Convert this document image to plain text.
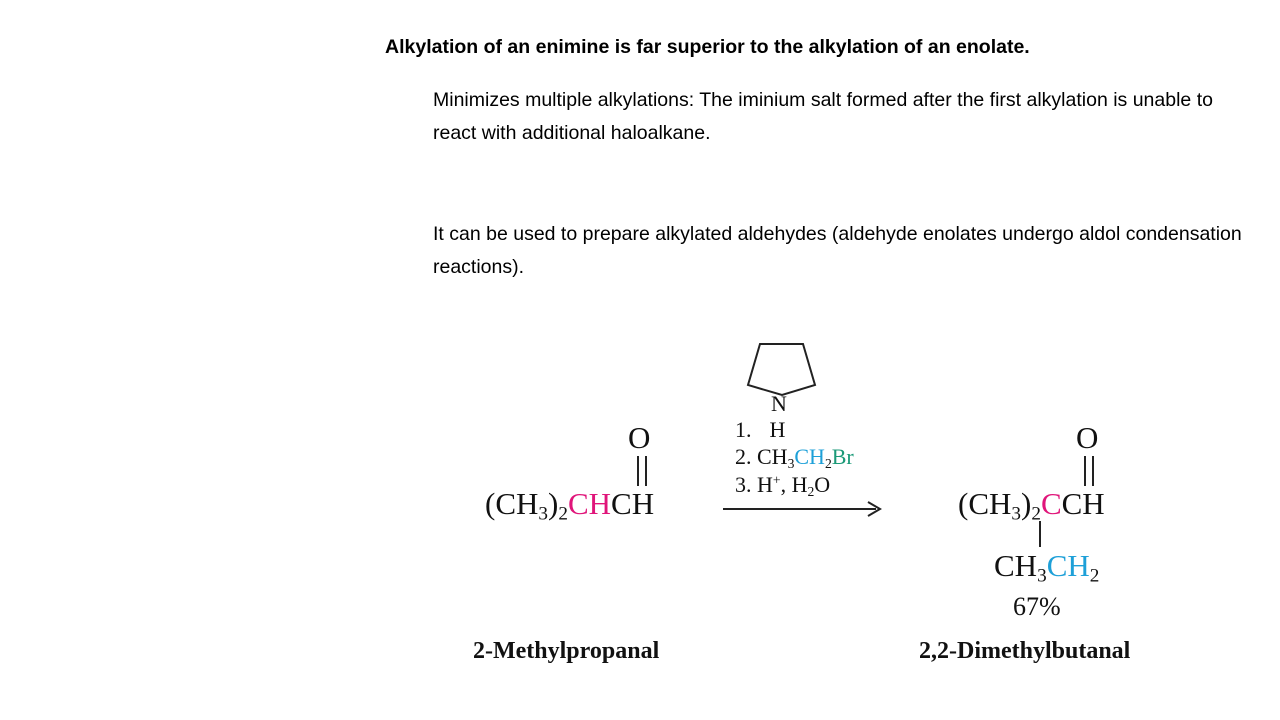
Alkylation of an enimine is far superior to the alkylation of an enolate.
Minimizes multiple alkylations: The iminium salt formed after the first alkylation is unable to react with additional haloalkane.
It can be used to prepare alkylated aldehydes (aldehyde enolates undergo aldol condensation reactions).
O
$(CH_3)_2CHCH$
2-Methylpropanal
N
1. H
2. $CH_3CH_2Br$
3. H+, $H_2O$
O
$(CH_3)_2CCH$
$CH_3CH_2$
67%
2,2-Dimethylbutanal
